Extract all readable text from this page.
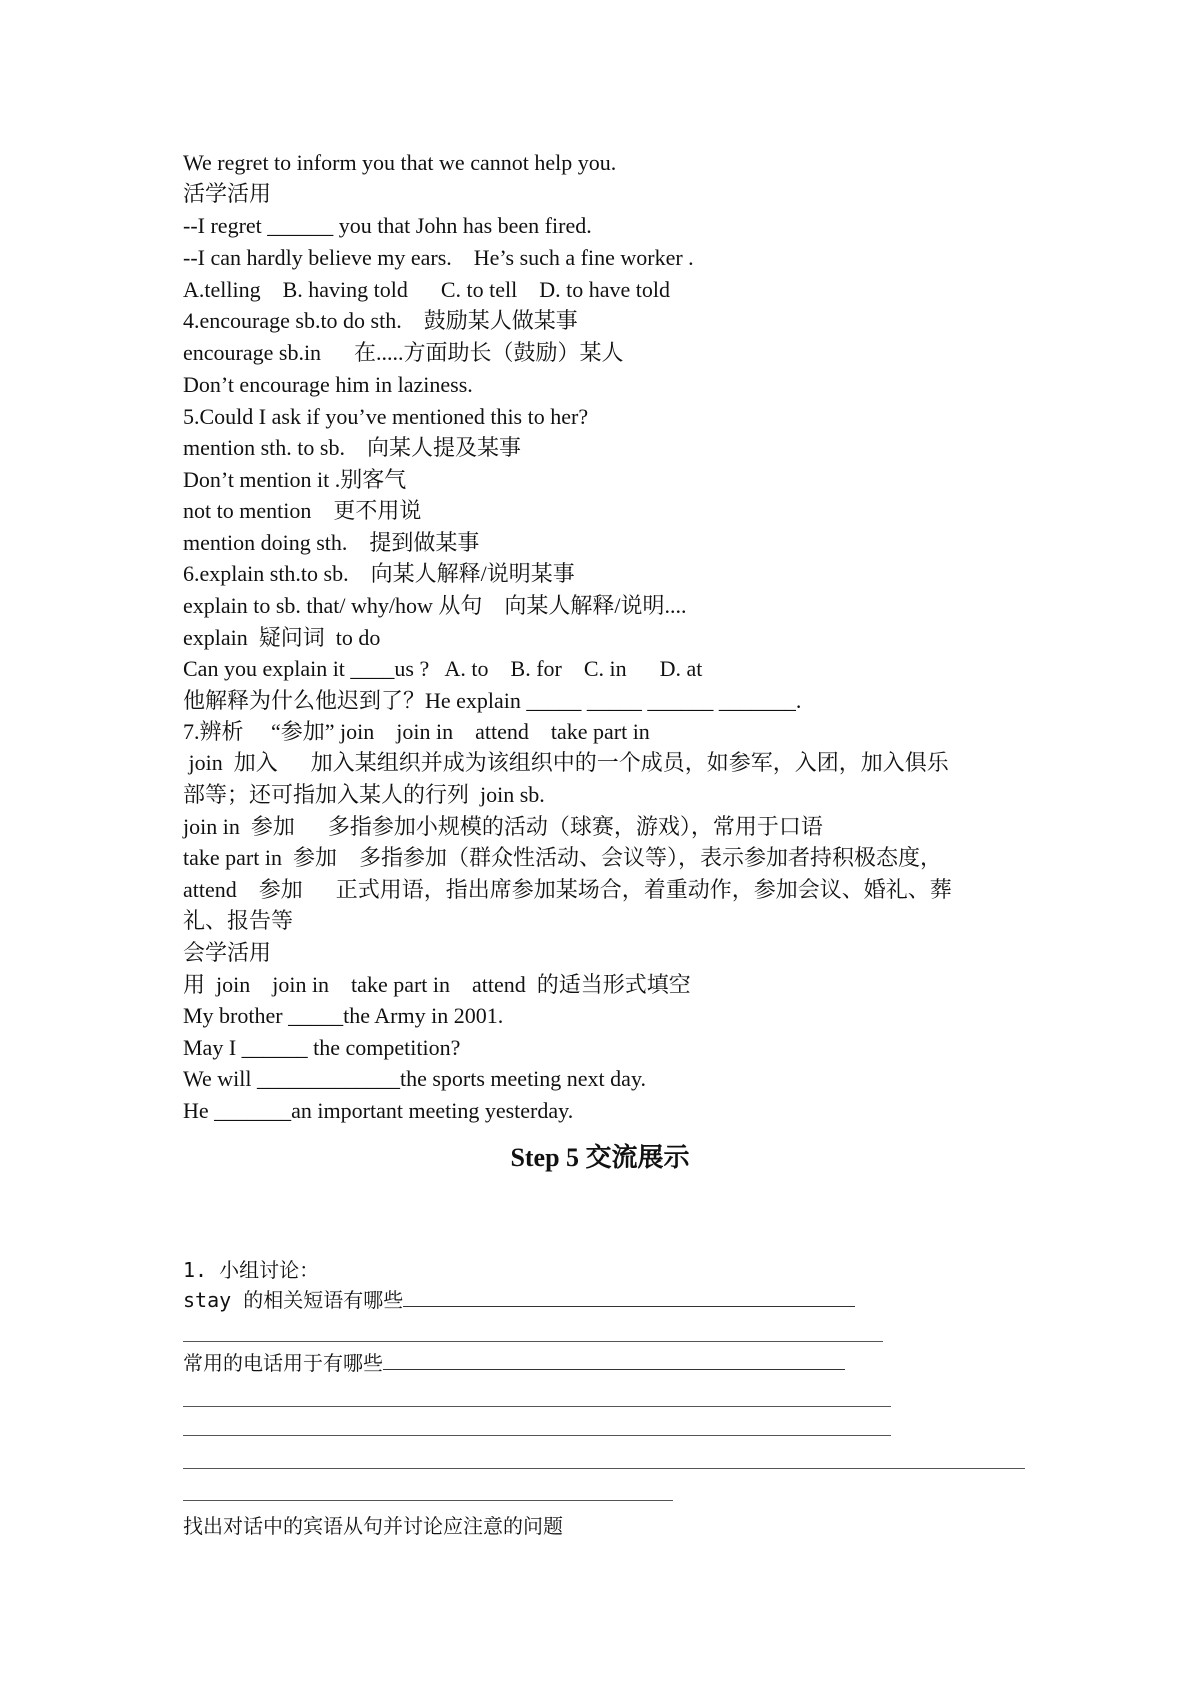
We regret to inform you that we cannot help you.
活学活用
--I regret ______ you that John has been fired.
--I can hardly believe my ears.    He’s such a fine worker .
A.telling    B. having told      C. to tell    D. to have told
4.encourage sb.to do sth.    鼓励某人做某事
encourage sb.in      在.....方面助长（鼓励）某人
Don’t encourage him in laziness.
5.Could I ask if you’ve mentioned this to her?
mention sth. to sb.    向某人提及某事
Don’t mention it .别客气
not to mention    更不用说
mention doing sth.    提到做某事
6.explain sth.to sb.    向某人解释/说明某事
explain to sb. that/ why/how 从句    向某人解释/说明....
explain  疑问词  to do
Can you explain it ____us ?   A. to    B. for    C. in      D. at
他解释为什么他迟到了？He explain _____ _____ ______ _______.
7.辨析     “参加” join    join in    attend    take part in
join  加入      加入某组织并成为该组织中的一个成员，如参军，入团，加入俱乐
部等；还可指加入某人的行列  join sb.
join in  参加      多指参加小规模的活动（球赛，游戏），常用于口语
take part in  参加    多指参加（群众性活动、会议等），表示参加者持积极态度，
attend    参加      正式用语，指出席参加某场合，着重动作，参加会议、婚礼、葬
礼、报告等
会学活用
用  join    join in    take part in    attend  的适当形式填空
My brother _____the Army in 2001.
May I ______ the competition?
We will _____________the sports meeting next day.
He _______an important meeting yesterday.
Step 5 交流展示
1. 小组讨论：
stay 的相关短语有哪些
常用的电话用于有哪些
找出对话中的宾语从句并讨论应注意的问题
